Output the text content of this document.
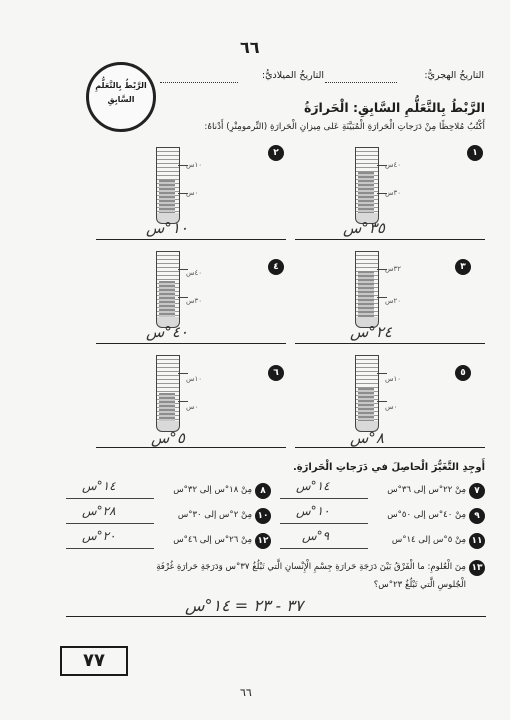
٦٦
الرَّبْطُ بِالتَّعَلُّمِ
السَّابِقِ
التاريخُ الهجريُّ:
التاريخُ الميلاديُّ:
الرَّبْطُ بِالتَّعَلُّمِ السَّابِقِ: الْحَرارَةُ
أَكْتُبُ مُلاحِظًا مِنْ دَرَجاتِ الْحَرارَةِ الْمُبَيَّنَةِ عَلى مِيزانِ الْحَرارَةِ (التِّرمومِتْرِ) أَدْناهُ:
١
٤٠س
٣٠س
٣٥°س
٢
١٠س
٠س
١٠°س
٣
٣٢س
٢٠س
٢٤°س
٤
٤٠س
٣٠س
٤٠°س
٥
١٠س
٠س
٨°س
٦
١٠س
٠س
٥°س
أَوجِدِ التَّغَيُّرَ الْحاصِلَ في دَرَجاتِ الْحَرارَةِ.
٧
مِنْ ٢٢°س إلى ٣٦°س
١٤°س
٨
مِنْ ١٨°س إلى ٣٢°س
١٤°س
٩
مِنْ ٤٠°س إلى ٥٠°س
١٠°س
١٠
مِنْ ٢°س إلى ٣٠°س
٢٨°س
١١
مِنْ ٥°س إلى ١٤°س
٩°س
١٢
مِنْ ٢٦°س إلى ٤٦°س
٢٠°س
١٣
مِنَ الْعُلومِ: ما الْفَرْقُ بَيْنَ دَرَجَةِ حَرارَةِ جِسْمِ الْإِنْسانِ الَّتي تَبْلُغُ ٣٧°س وَدَرَجَةِ حَرارَةِ غُرْفَةِ
الْجُلوسِ الَّتي تَبْلُغُ ٢٣°س؟
٣٧ - ٢٣ = ١٤°س
٧٧
٦٦
